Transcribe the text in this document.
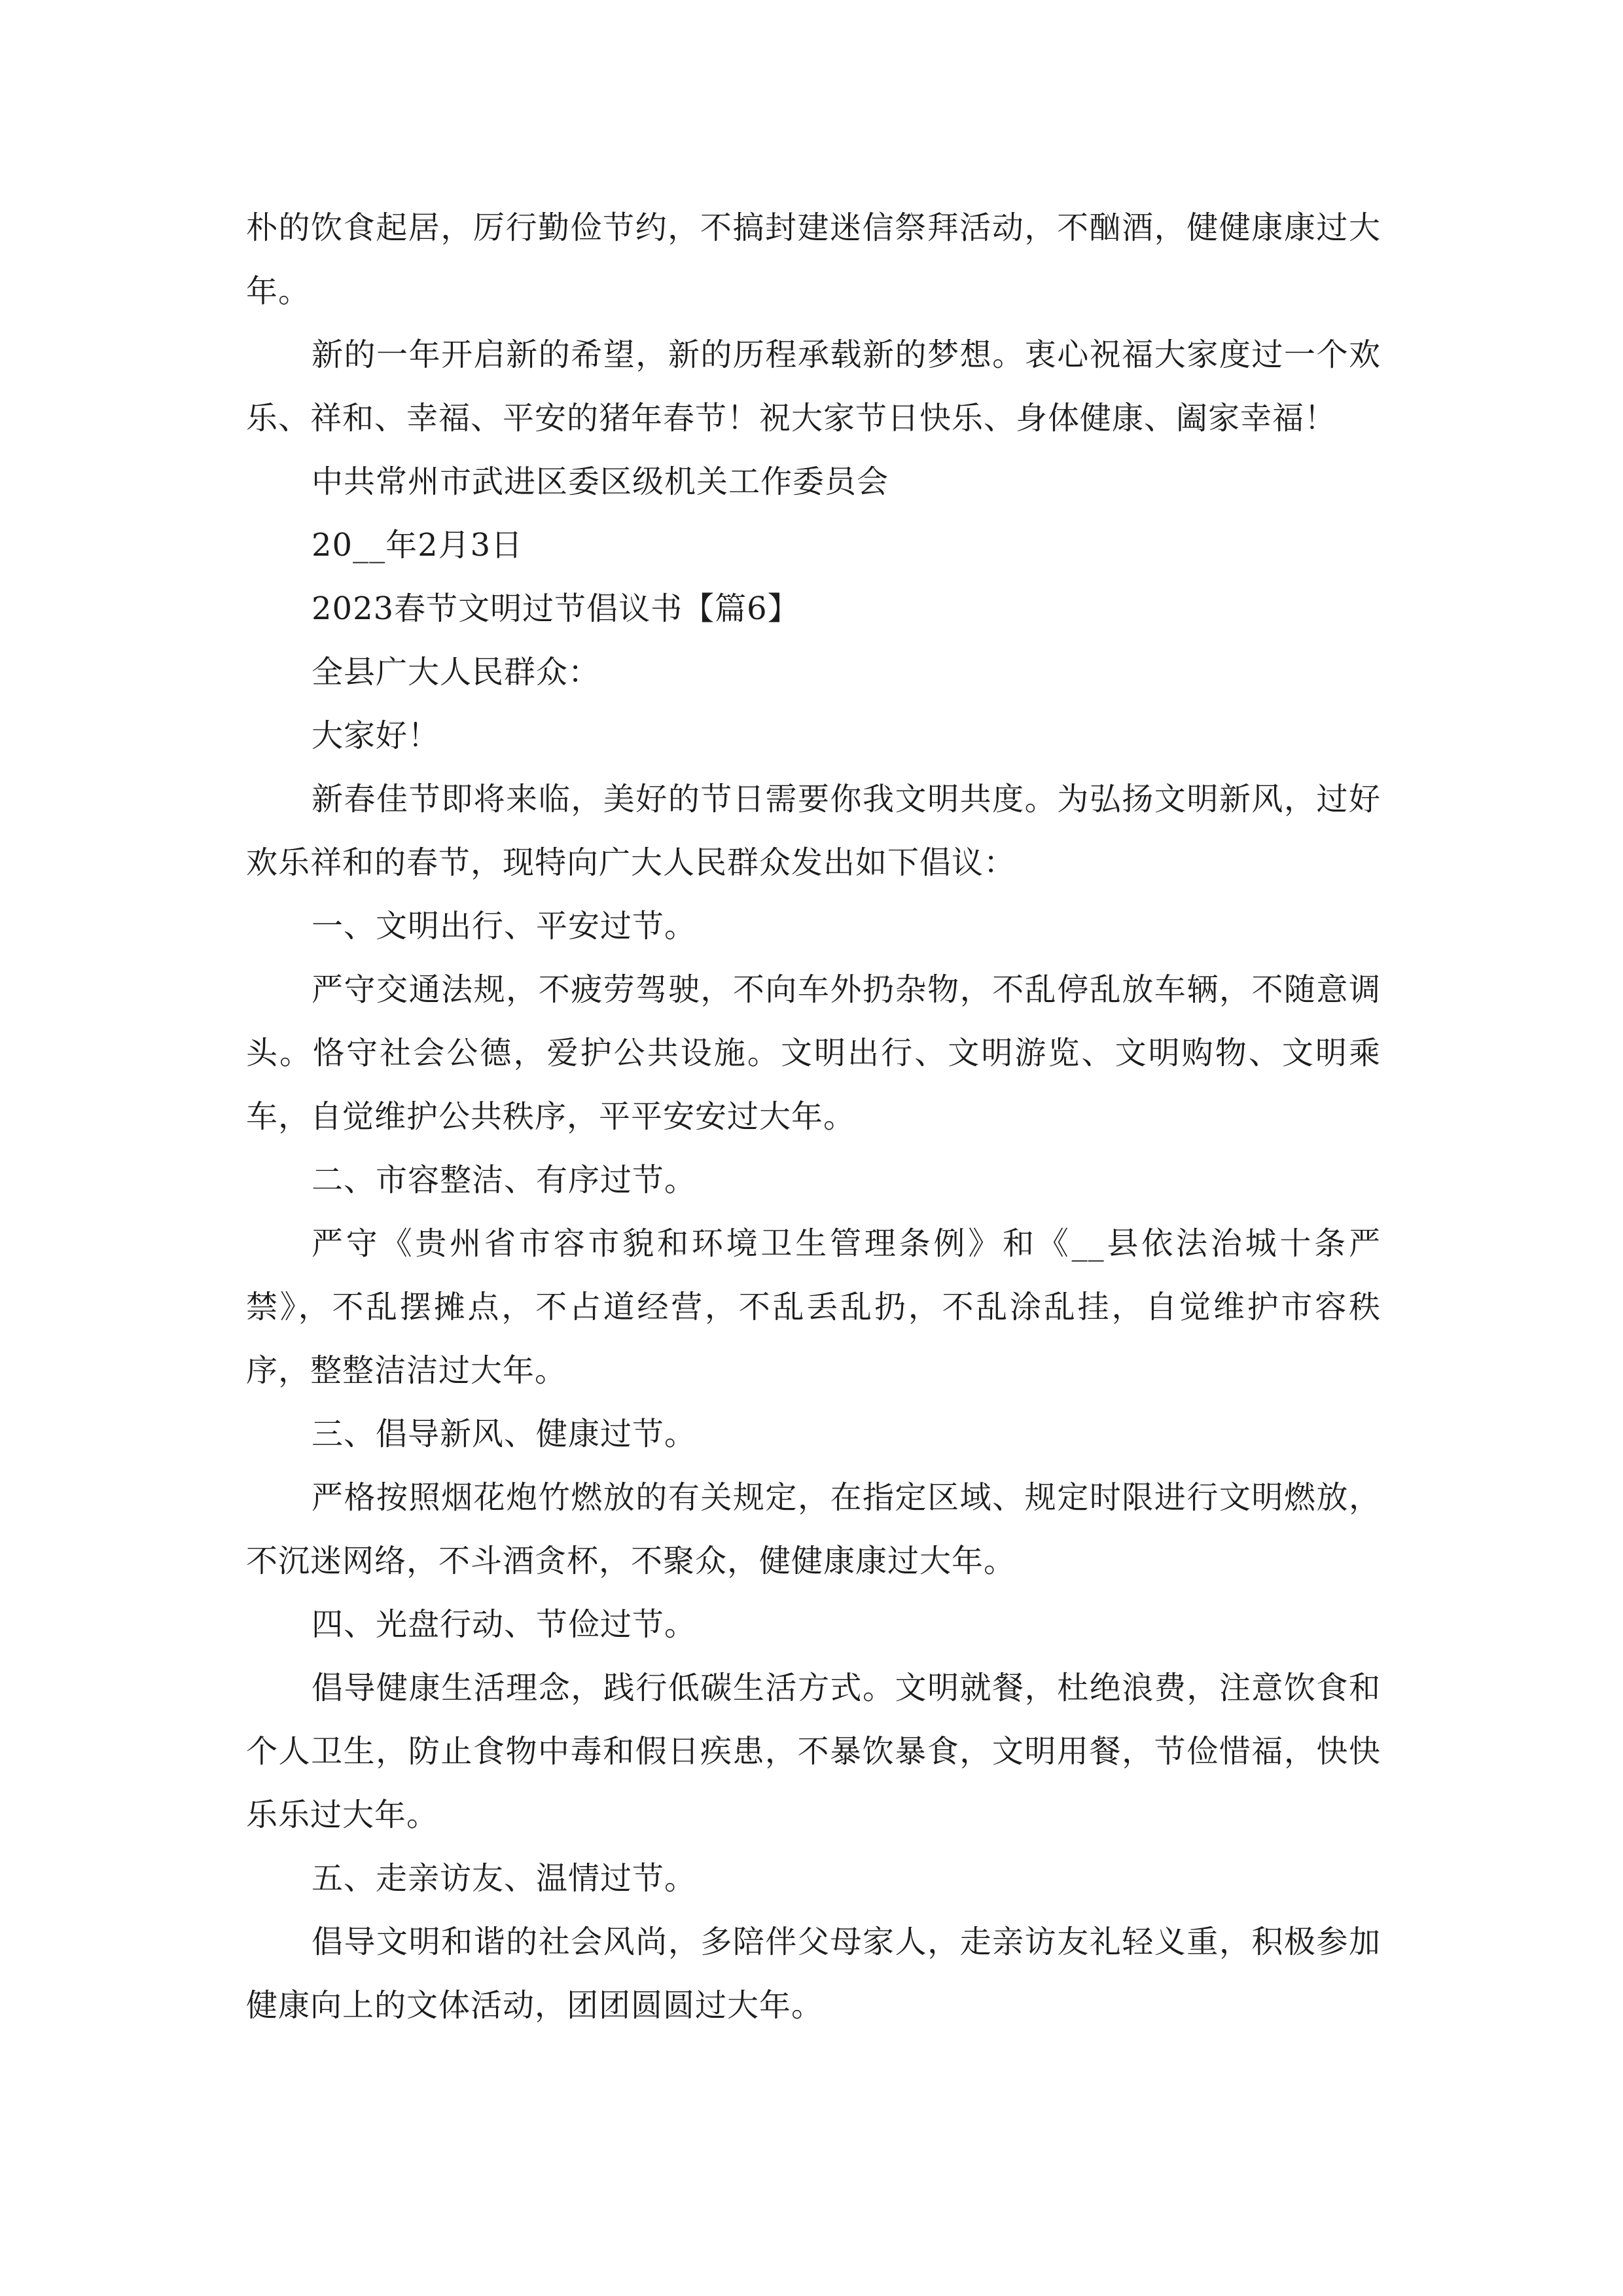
朴的饮食起居，厉行勤俭节约，不搞封建迷信祭拜活动，不酗酒，健健康康过大年。

新的一年开启新的希望，新的历程承载新的梦想。衷心祝福大家度过一个欢乐、祥和、幸福、平安的猪年春节！祝大家节日快乐、身体健康、阖家幸福！

中共常州市武进区委区级机关工作委员会

20__年2月3日

2023春节文明过节倡议书【篇6】

全县广大人民群众：

大家好！

新春佳节即将来临，美好的节日需要你我文明共度。为弘扬文明新风，过好欢乐祥和的春节，现特向广大人民群众发出如下倡议：

一、文明出行、平安过节。

严守交通法规，不疲劳驾驶，不向车外扔杂物，不乱停乱放车辆，不随意调头。恪守社会公德，爱护公共设施。文明出行、文明游览、文明购物、文明乘车，自觉维护公共秩序，平平安安过大年。

二、市容整洁、有序过节。

严守《贵州省市容市貌和环境卫生管理条例》和《__县依法治城十条严禁》，不乱摆摊点，不占道经营，不乱丢乱扔，不乱涂乱挂，自觉维护市容秩序，整整洁洁过大年。

三、倡导新风、健康过节。

严格按照烟花炮竹燃放的有关规定，在指定区域、规定时限进行文明燃放，不沉迷网络，不斗酒贪杯，不聚众，健健康康过大年。

四、光盘行动、节俭过节。

倡导健康生活理念，践行低碳生活方式。文明就餐，杜绝浪费，注意饮食和个人卫生，防止食物中毒和假日疾患，不暴饮暴食，文明用餐，节俭惜福，快快乐乐过大年。

五、走亲访友、温情过节。

倡导文明和谐的社会风尚，多陪伴父母家人，走亲访友礼轻义重，积极参加健康向上的文体活动，团团圆圆过大年。
